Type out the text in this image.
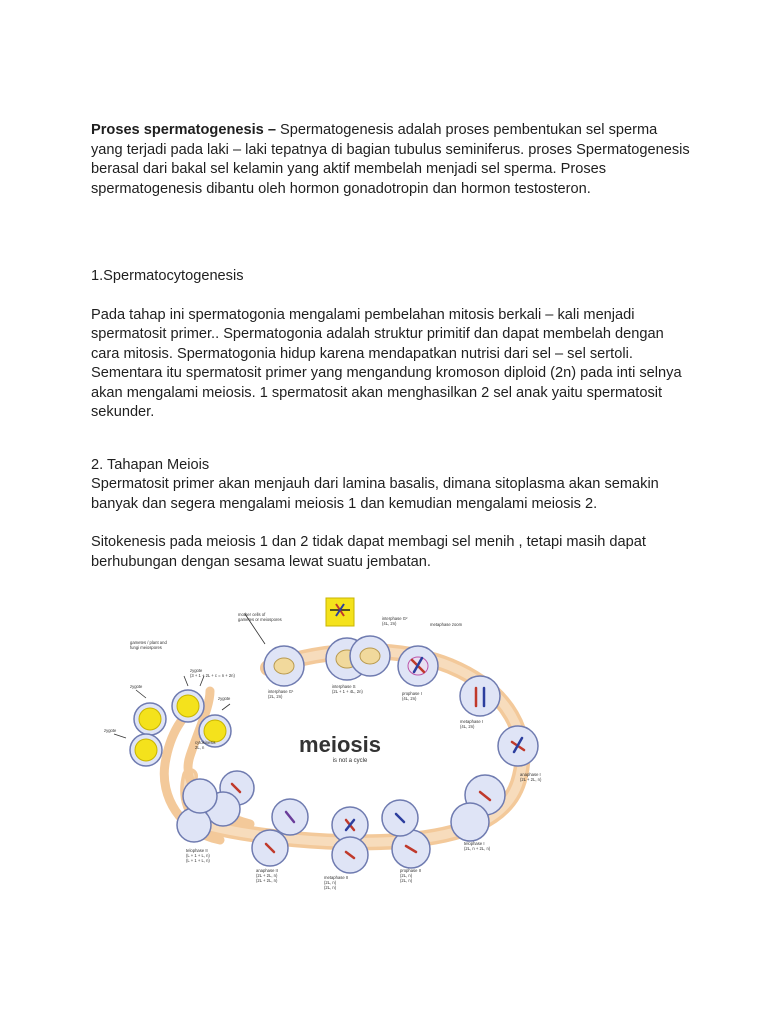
Proses spermatogenesis – Spermatogenesis adalah proses pembentukan sel sperma yang terjadi pada laki – laki tepatnya di bagian tubulus seminiferus. proses Spermatogenesis berasal dari bakal sel kelamin yang aktif membelah menjadi sel sperma. Proses spermatogenesis dibantu oleh hormon gonadotropin dan hormon testosteron.

1.Spermatocytogenesis

Pada tahap ini spermatogonia mengalami pembelahan mitosis berkali – kali menjadi spermatosit primer.. Spermatogonia adalah struktur primitif dan dapat membelah dengan cara mitosis. Spermatogonia hidup karena mendapatkan nutrisi dari sel – sel sertoli. Sementara itu spermatosit primer yang mengandung kromoson diploid (2n) pada inti selnya akan mengalami meiosis. 1 spermatosit akan menghasilkan 2 sel anak yaitu spermatosit sekunder.

2. Tahapan Meiois

Spermatosit primer akan menjauh dari lamina basalis, dimana sitoplasma akan semakin banyak dan segera mengalami meiosis 1 dan kemudian mengalami meiosis 2.

Sitokenesis pada meiosis 1 dan 2 tidak dapat membagi sel menih , tetapi masih dapat berhubungan dengan sesama lewat suatu jembatan.

meiosis
is not a cycle
mother cells of
gametes or meiospores
gametes / plant and
fungi meiospores
zygote
(3 + 1 + 2L + c = n + 2n)
zygote
zygote
zygote
cytokinesis
2L, n
interphase G¹
(2L, 2n)
interphase S
(2L + 1 + 4L, 2n)
interphase G²
(4L, 2n)
prophase I
(4L, 2n)
metaphase I
(4L, 2n)
anaphase I
(2L + 2L, n)
telophase I
(2L, n + 2L, n)
prophase II
(2L, n)
(2L, n)
metaphase II
(2L, n)
(2L, n)
anaphase II
(2L + 2L, n)
(2L + 2L, n)
telophase II
(L + 1 + L, n)
(L + 1 + L, n)
metaphase zoom
